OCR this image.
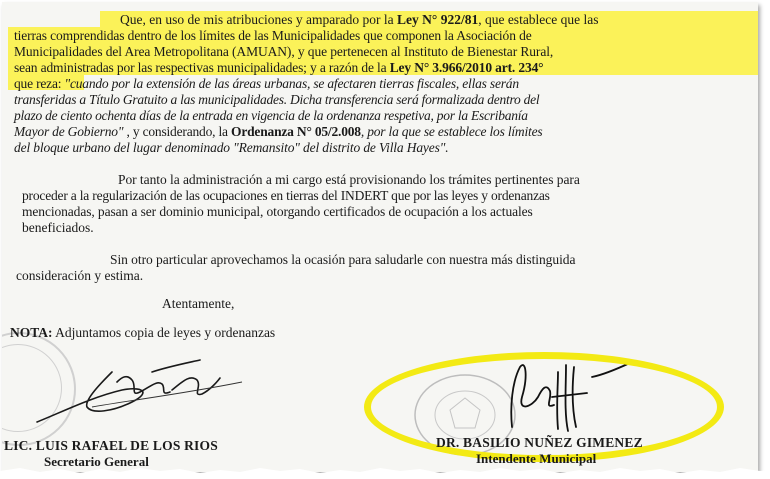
Que, en uso de mis atribuciones y amparado por la Ley N° 922/81, que establece que las
tierras comprendidas dentro de los límites de las Municipalidades que componen la Asociación de
Municipalidades del Area Metropolitana (AMUAN), y que pertenecen al Instituto de Bienestar Rural,
sean administradas por las respectivas municipalidades; y a razón de la Ley N° 3.966/2010 art. 234°
que reza: "cuando por la extensión de las áreas urbanas, se afectaren tierras fiscales, ellas serán
transferidas a Título Gratuito a las municipalidades. Dicha transferencia será formalizada dentro del
plazo de ciento ochenta días de la entrada en vigencia de la ordenanza respetiva, por la Escribanía
Mayor de Gobierno" , y considerando, la Ordenanza N° 05/2.008, por la que se establece los límites
del bloque urbano del lugar denominado "Remansito" del distrito de Villa Hayes".
Por tanto la administración a mi cargo está provisionando los trámites pertinentes para
proceder a la regularización de las ocupaciones en tierras del INDERT que por las leyes y ordenanzas
mencionadas, pasan a ser dominio municipal, otorgando certificados de ocupación a los actuales
beneficiados.
Sin otro particular aprovechamos la ocasión para saludarle con nuestra más distinguida
consideración y estima.
Atentamente,
NOTA: Adjuntamos copia de leyes y ordenanzas
LIC. LUIS RAFAEL DE LOS RIOS
Secretario General
DR. BASILIO NUÑEZ GIMENEZ
Intendente Municipal
